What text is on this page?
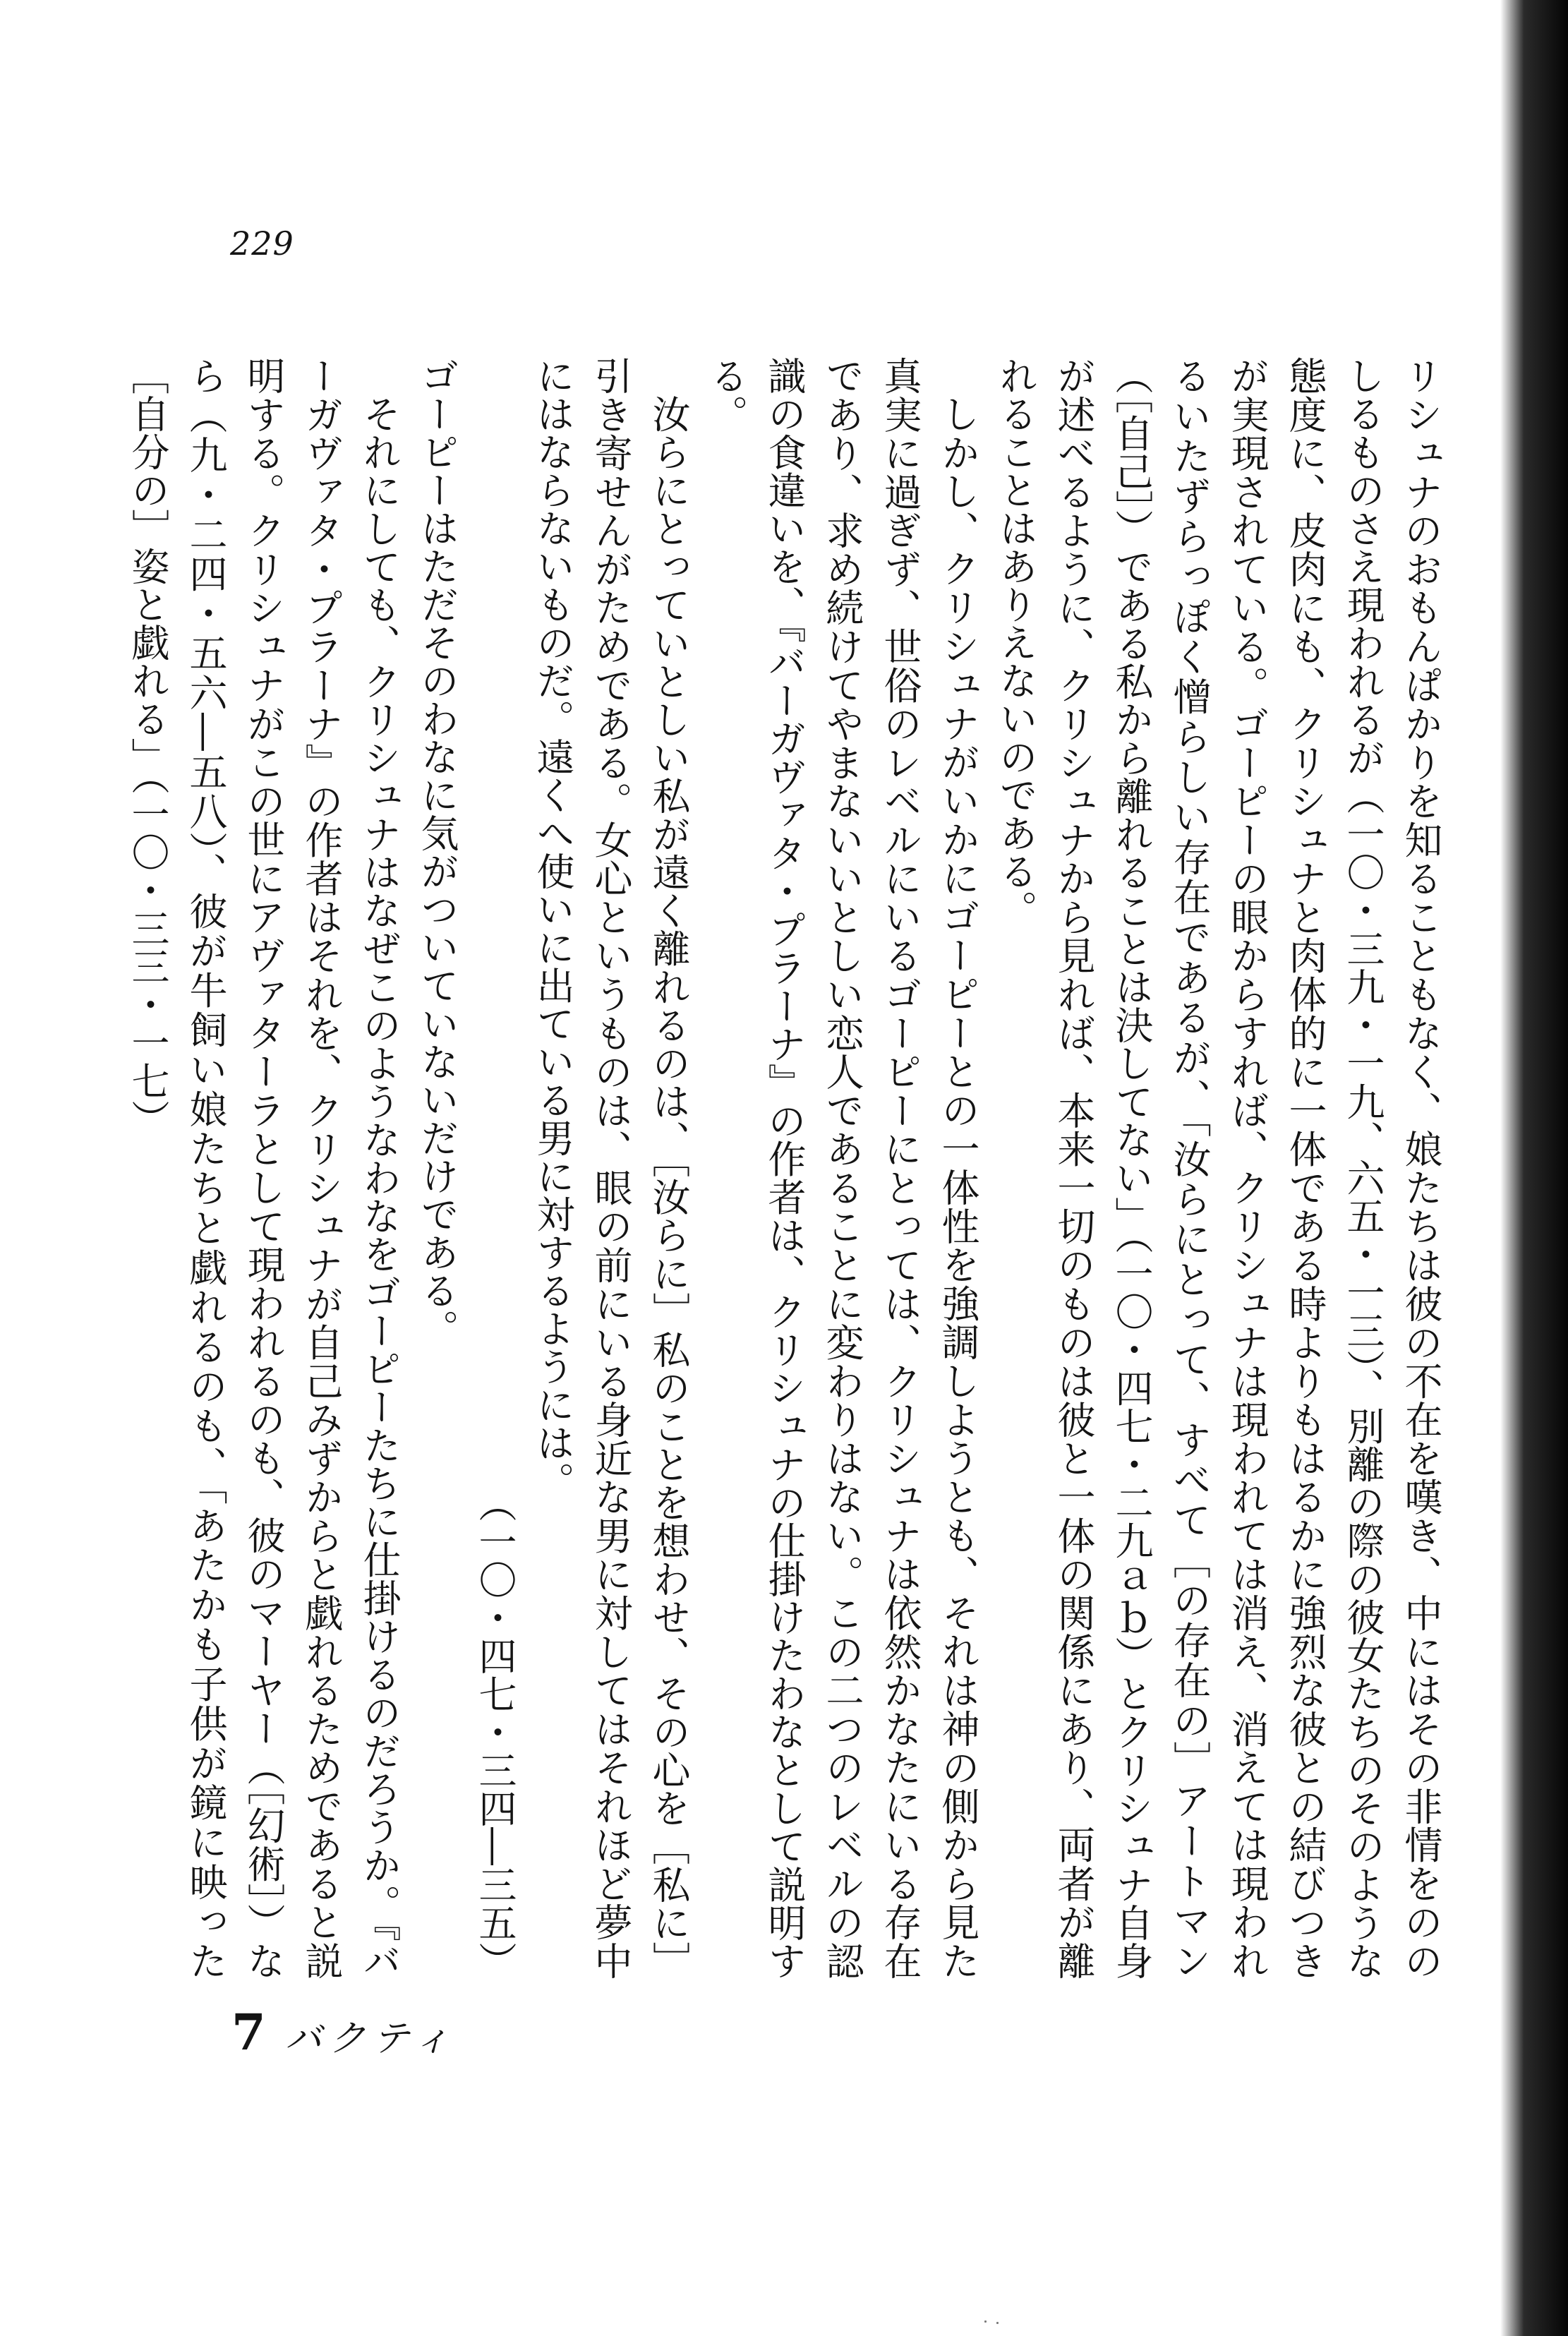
229

リシュナのおもんぱかりを知ることもなく、娘たちは彼の不在を嘆き、中にはその非情をののしるものさえ現われるが（一〇・三九・一九、六五・一三）、別離の際の彼女たちのそのような態度に、皮肉にも、クリシュナと肉体的に一体である時よりもはるかに強烈な彼との結びつきが実現されている。ゴーピーの眼からすれば、クリシュナは現われては消え、消えては現われるいたずらっぽく憎らしい存在であるが、「汝らにとって、すべて［の存在の］アートマン（［自己］）である私から離れることは決してない」（一〇・四七・二九ａｂ）とクリシュナ自身が述べるように、クリシュナから見れば、本来一切のものは彼と一体の関係にあり、両者が離れることはありえないのである。

しかし、クリシュナがいかにゴーピーとの一体性を強調しようとも、それは神の側から見た真実に過ぎず、世俗のレベルにいるゴーピーにとっては、クリシュナは依然かなたにいる存在であり、求め続けてやまないいとしい恋人であることに変わりはない。この二つのレベルの認識の食違いを、『バーガヴァタ・プラーナ』の作者は、クリシュナの仕掛けたわなとして説明する。

汝らにとっていとしい私が遠く離れるのは、［汝らに］私のことを想わせ、その心を［私に］引き寄せんがためである。女心というものは、眼の前にいる身近な男に対してはそれほど夢中にはならないものだ。遠くへ使いに出ている男に対するようには。

（一〇・四七・三四―三五）

ゴーピーはただそのわなに気がついていないだけである。

それにしても、クリシュナはなぜこのようなわなをゴーピーたちに仕掛けるのだろうか。『バーガヴァタ・プラーナ』の作者はそれを、クリシュナが自己みずからと戯れるためであると説明する。クリシュナがこの世にアヴァターラとして現われるのも、彼のマーヤー（［幻術］）なら（九・二四・五六―五八）、彼が牛飼い娘たちと戯れるのも、「あたかも子供が鏡に映った［自分の］姿と戯れる」（一〇・三三・一七）

7 バクティ
